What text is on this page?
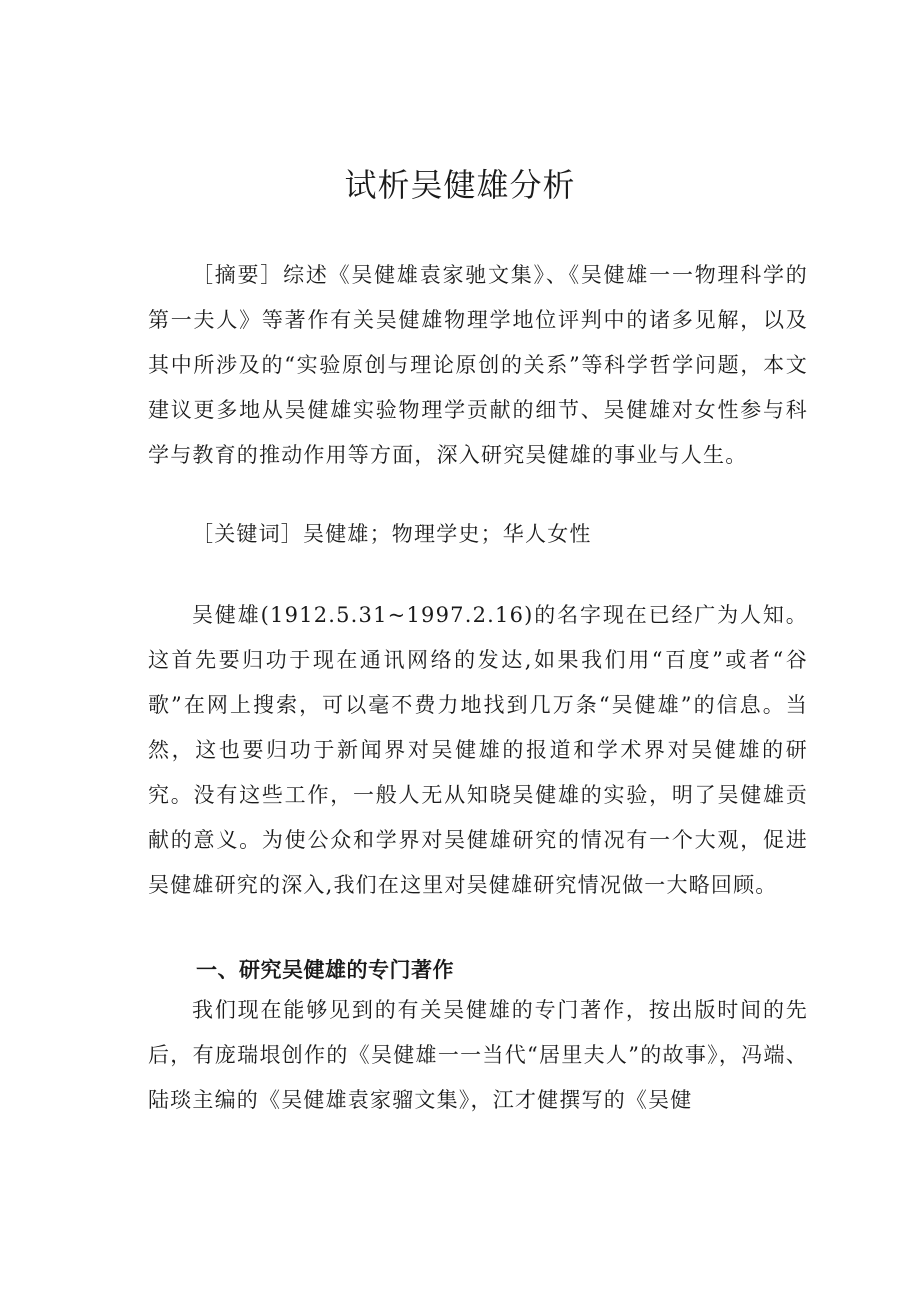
试析吴健雄分析
［摘要］综述《吴健雄袁家驰文集》、《吴健雄一一物理科学的第一夫人》等著作有关吴健雄物理学地位评判中的诸多见解，以及其中所涉及的“实验原创与理论原创的关系”等科学哲学问题，本文建议更多地从吴健雄实验物理学贡献的细节、吴健雄对女性参与科学与教育的推动作用等方面，深入研究吴健雄的事业与人生。
［关键词］吴健雄；物理学史；华人女性
吴健雄(1912.5.31~1997.2.16)的名字现在已经广为人知。这首先要归功于现在通讯网络的发达,如果我们用“百度”或者“谷歌”在网上搜索，可以毫不费力地找到几万条“吴健雄”的信息。当然，这也要归功于新闻界对吴健雄的报道和学术界对吴健雄的研究。没有这些工作，一般人无从知晓吴健雄的实验，明了吴健雄贡献的意义。为使公众和学界对吴健雄研究的情况有一个大观，促进吴健雄研究的深入,我们在这里对吴健雄研究情况做一大略回顾。
一、研究吴健雄的专门著作
我们现在能够见到的有关吴健雄的专门著作，按出版时间的先后，有庞瑞垠创作的《吴健雄一一当代“居里夫人”的故事》，冯端、陆琰主编的《吴健雄袁家骝文集》，江才健撰写的《吴健
